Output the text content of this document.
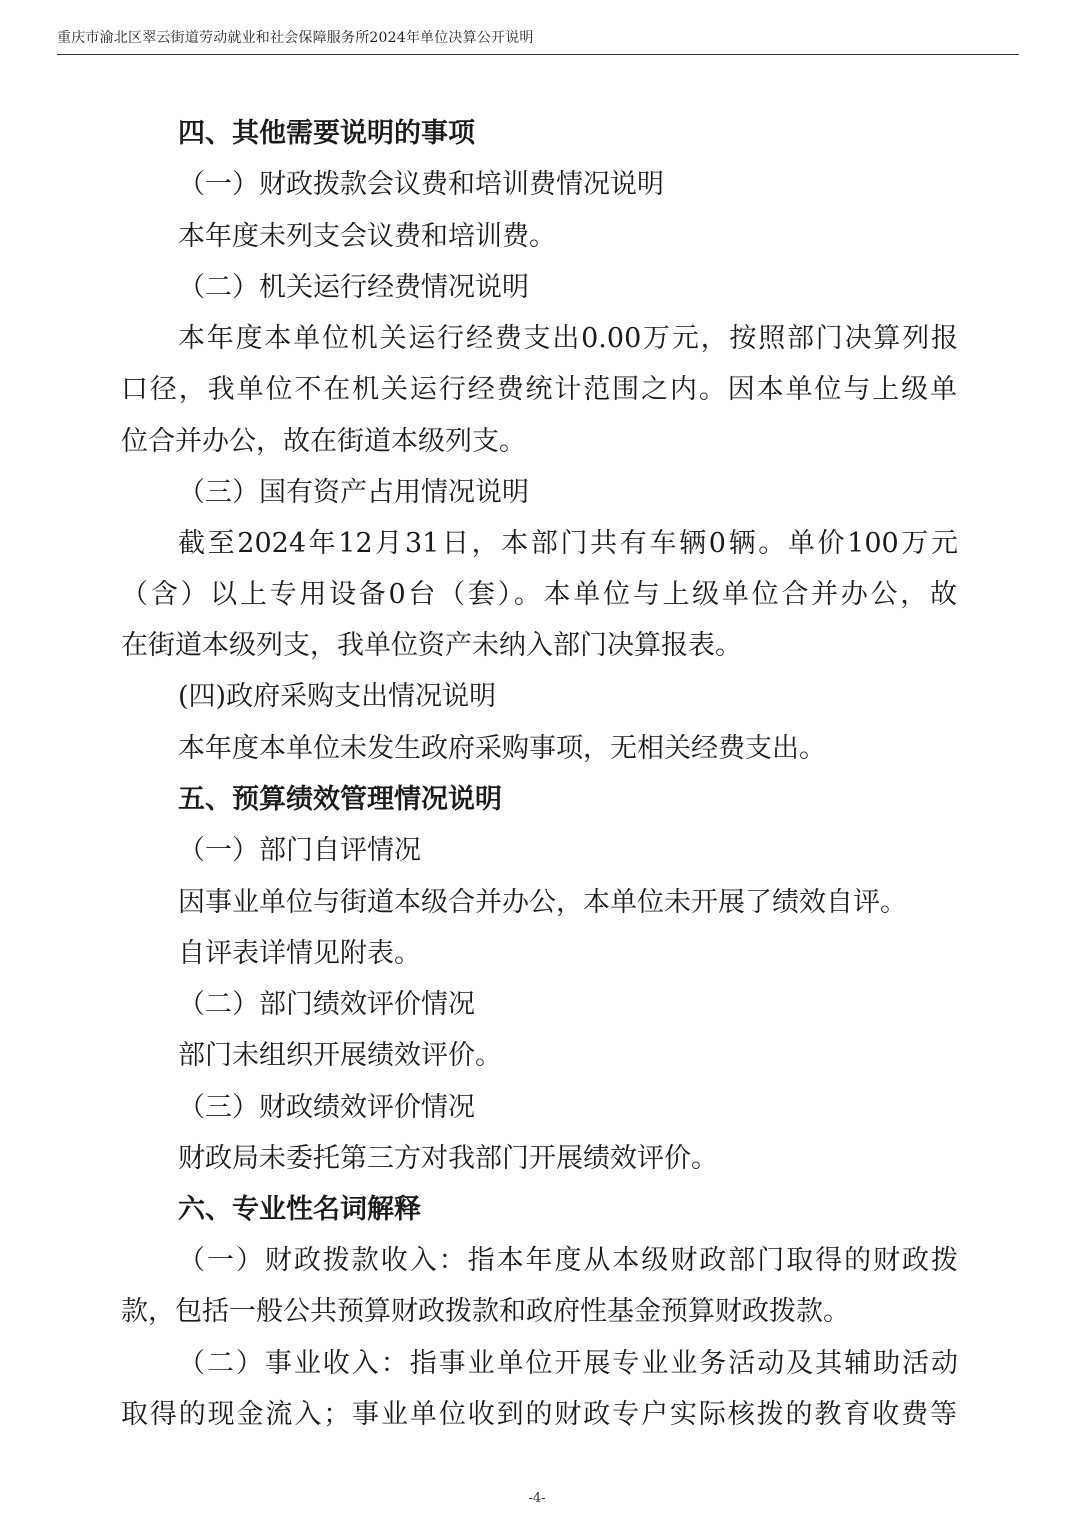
重庆市渝北区翠云街道劳动就业和社会保障服务所2024年单位决算公开说明
四、其他需要说明的事项
（一）财政拨款会议费和培训费情况说明
本年度未列支会议费和培训费。
（二）机关运行经费情况说明
本年度本单位机关运行经费支出0.00万元，按照部门决算列报
口径，我单位不在机关运行经费统计范围之内。因本单位与上级单
位合并办公，故在街道本级列支。
（三）国有资产占用情况说明
截至2024年12月31日，本部门共有车辆0辆。单价100万元
（含）以上专用设备0台（套）。本单位与上级单位合并办公，故
在街道本级列支，我单位资产未纳入部门决算报表。
(四)政府采购支出情况说明
本年度本单位未发生政府采购事项，无相关经费支出。
五、预算绩效管理情况说明
（一）部门自评情况
因事业单位与街道本级合并办公，本单位未开展了绩效自评。
自评表详情见附表。
（二）部门绩效评价情况
部门未组织开展绩效评价。
（三）财政绩效评价情况
财政局未委托第三方对我部门开展绩效评价。
六、专业性名词解释
（一）财政拨款收入：指本年度从本级财政部门取得的财政拨
款，包括一般公共预算财政拨款和政府性基金预算财政拨款。
（二）事业收入：指事业单位开展专业业务活动及其辅助活动
取得的现金流入；事业单位收到的财政专户实际核拨的教育收费等
-4-
